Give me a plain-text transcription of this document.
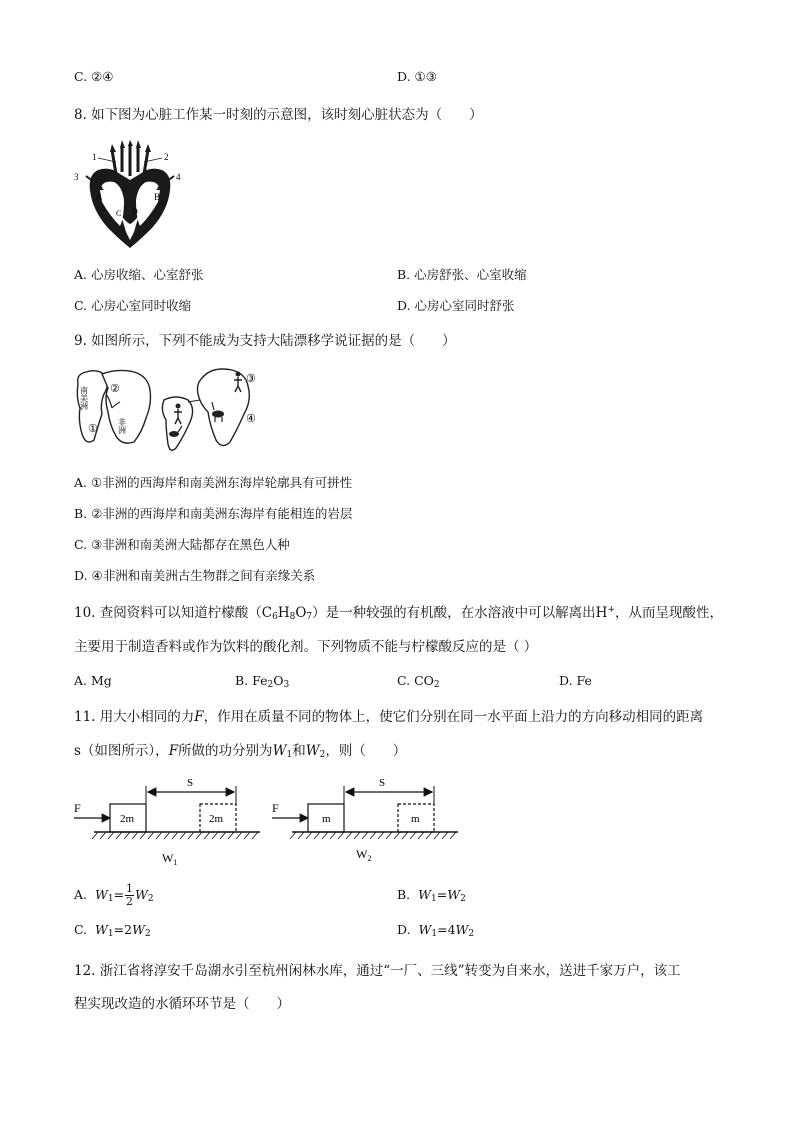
C. ②④	D. ①③
8. 如下图为心脏工作某一时刻的示意图，该时刻心脏状态为（　　）
1	2
3	4
A	B
C D
A. 心房收缩、心室舒张	B. 心房舒张、心室收缩
C. 心房心室同时收缩	D. 心房心室同时舒张
9. 如图所示，下列不能成为支持大陆漂移学说证据的是（　　）
南美洲
非洲
②
①
③
④
A. ①非洲的西海岸和南美洲东海岸轮廓具有可拼性
B. ②非洲的西海岸和南美洲东海岸有能相连的岩层
C. ③非洲和南美洲大陆都存在黑色人种
D. ④非洲和南美洲古生物群之间有亲缘关系
10. 查阅资料可以知道柠檬酸（C6H8O7）是一种较强的有机酸，在水溶液中可以解离出H+，从而呈现酸性，
主要用于制造香料或作为饮料的酸化剂。下列物质不能与柠檬酸反应的是（ ）
A. Mg	B. $Fe_2O_3$	C. $CO_2$	D. Fe
11. 用大小相同的力F，作用在质量不同的物体上，使它们分别在同一水平面上沿力的方向移动相同的距离
s（如图所示），F所做的功分别为$W_1$和$W_2$，则（　　）
F
2m	2m
S
$W_1$
F
m	m
S
$W_2$
A. $W_1= \frac{1}{2} W_2$	B. $W_1=W_2$
C. $W_1=2W_2$	D. $W_1=4W_2$
12. 浙江省将淳安千岛湖水引至杭州闲林水库，通过“一厂、三线”转变为自来水，送进千家万户，该工
程实现改造的水循环环节是（　　）
